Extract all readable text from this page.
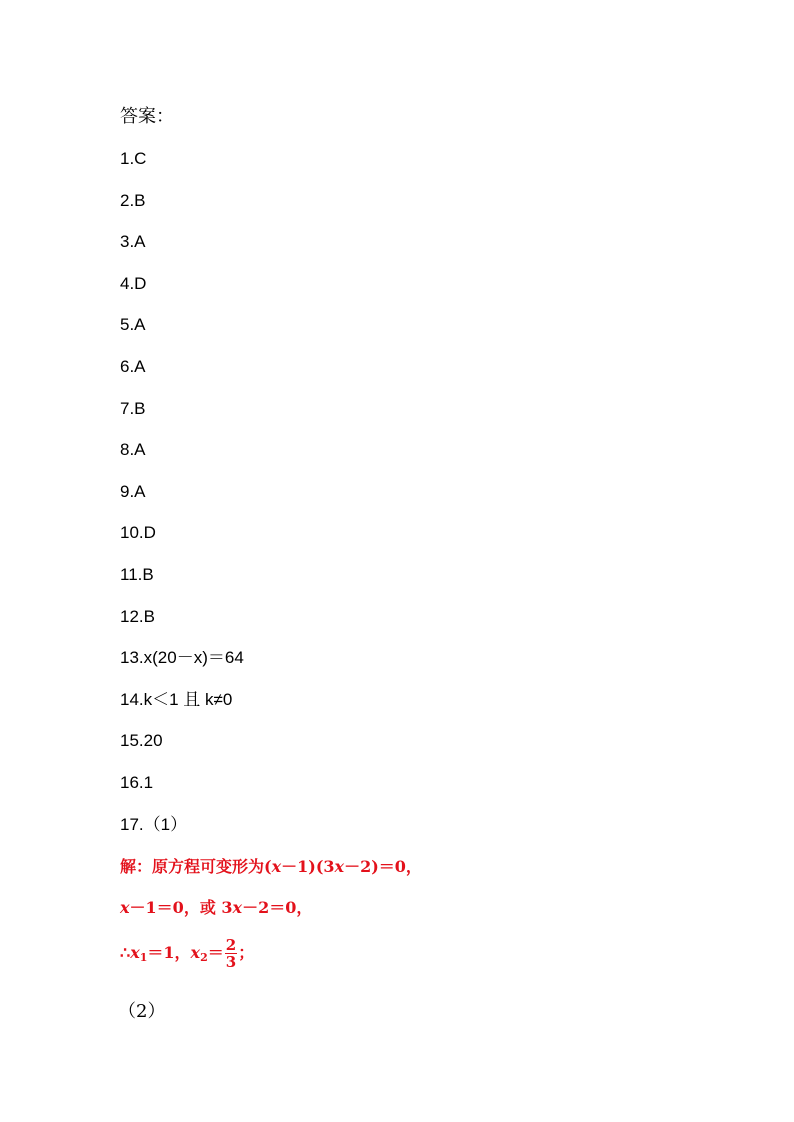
答案：
1.C
2.B
3.A
4.D
5.A
6.A
7.B
8.A
9.A
10.D
11.B
12.B
13.x(20－x)＝64
14.k＜1 且 k≠0
15.20
16.1
17.（1）
解：原方程可变形为(x－1)(3x－2)＝0，
x－1＝0，或 3x－2＝0，
$\therefore x_1=1$，$x_2= \frac{2}{3}$ ；
（2）
